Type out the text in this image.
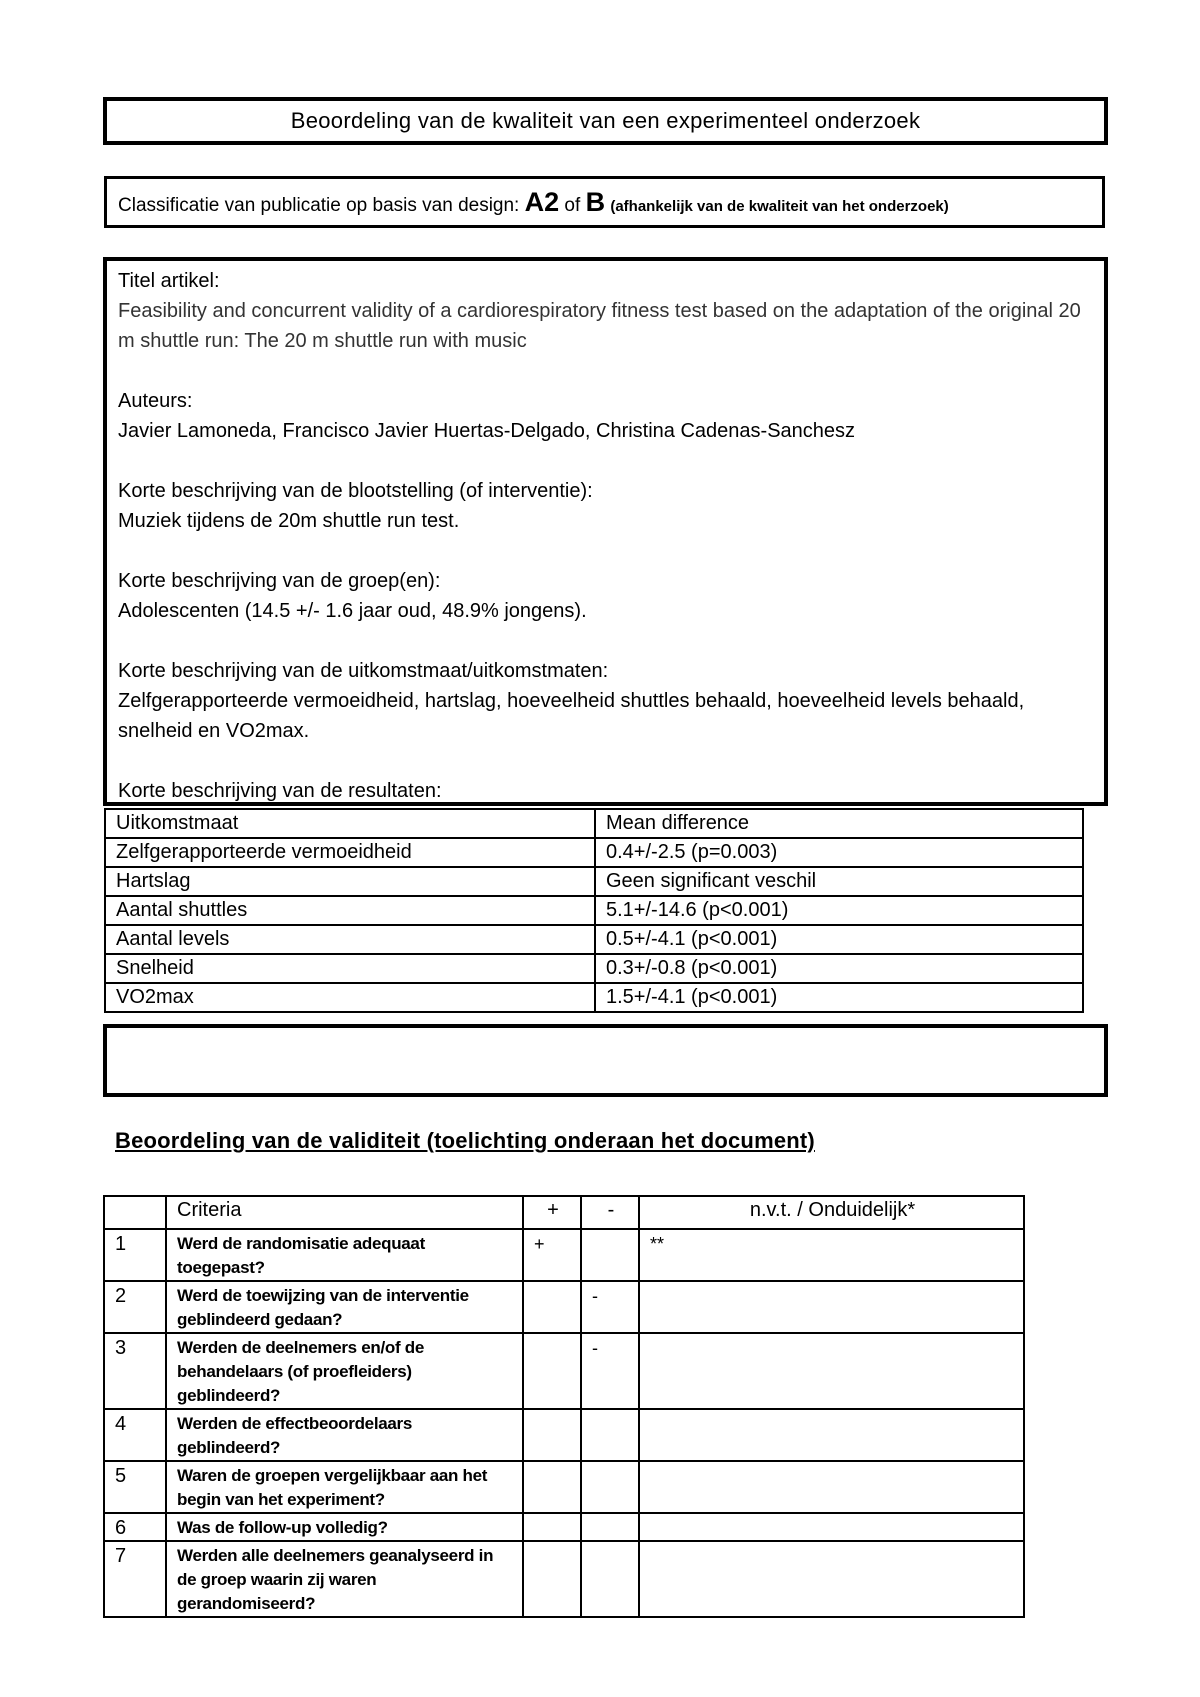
Beoordeling van de kwaliteit van een experimenteel onderzoek
Classificatie van publicatie op basis van design: A2 of B (afhankelijk van de kwaliteit van het onderzoek)

Titel artikel:

Feasibility and concurrent validity of a cardiorespiratory fitness test based on the adaptation of the original 20 m shuttle run: The 20 m shuttle run with music

Auteurs:

Javier Lamoneda, Francisco Javier Huertas-Delgado, Christina Cadenas-Sanchesz

Korte beschrijving van de blootstelling (of interventie):

Muziek tijdens de 20m shuttle run test.

Korte beschrijving van de groep(en):

Adolescenten (14.5 +/- 1.6 jaar oud, 48.9% jongens).

Korte beschrijving van de uitkomstmaat/uitkomstmaten:

Zelfgerapporteerde vermoeidheid, hartslag, hoeveelheid shuttles behaald, hoeveelheid levels behaald, snelheid en VO2max.

Korte beschrijving van de resultaten:

Uitkomstmaat	Mean difference
Zelfgerapporteerde vermoeidheid	0.4+/-2.5 (p=0.003)
Hartslag	Geen significant veschil
Aantal shuttles	5.1+/-14.6 (p<0.001)
Aantal levels	0.5+/-4.1 (p<0.001)
Snelheid	0.3+/-0.8 (p<0.001)
VO2max	1.5+/-4.1 (p<0.001)
Beoordeling van de validiteit (toelichting onderaan het document)
	Criteria	+	-	n.v.t. / Onduidelijk*
1	Werd de randomisatie adequaat toegepast?	+		**
2	Werd de toewijzing van de interventie geblindeerd gedaan?		-	
3	Werden de deelnemers en/of de behandelaars (of proefleiders) geblindeerd?		-	
4	Werden de effectbeoordelaars geblindeerd?			
5	Waren de groepen vergelijkbaar aan het begin van het experiment?			
6	Was de follow-up volledig?			
7	Werden alle deelnemers geanalyseerd in de groep waarin zij waren gerandomiseerd?			
